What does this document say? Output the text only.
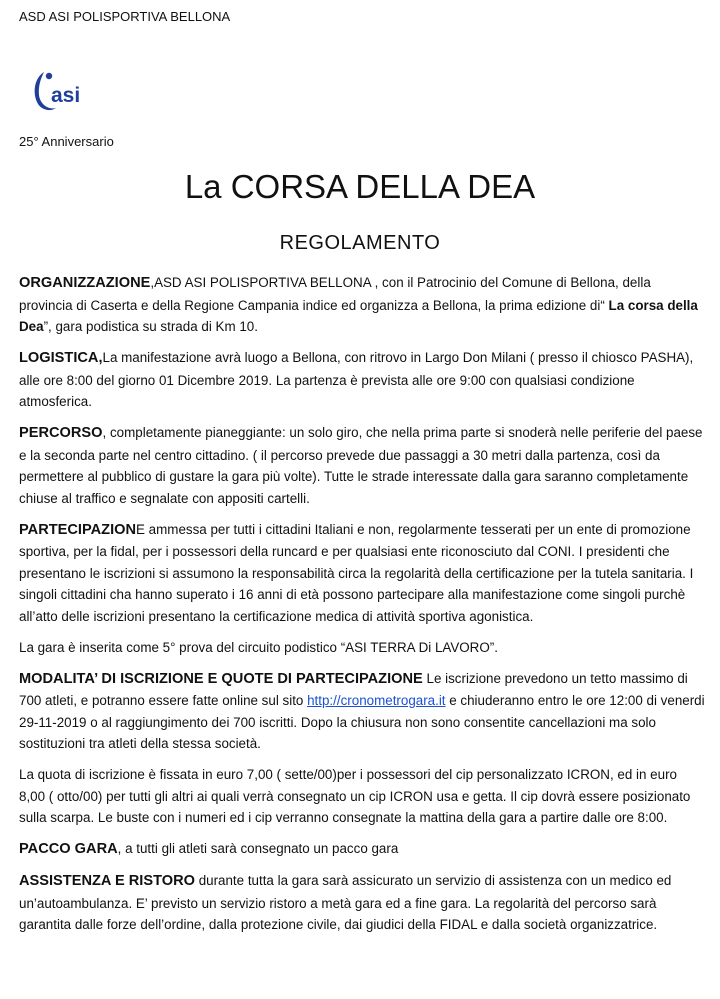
ASD ASI POLISPORTIVA BELLONA
asi
25° Anniversario
La CORSA DELLA DEA
REGOLAMENTO

ORGANIZZAZIONE,ASD ASI POLISPORTIVA BELLONA , con il Patrocinio del Comune di Bellona, della provincia di Caserta e della Regione Campania indice ed organizza a Bellona, la prima edizione di“ La corsa della Dea”, gara podistica su strada di Km 10.

LOGISTICA,La manifestazione avrà luogo a Bellona, con ritrovo in Largo Don Milani ( presso il chiosco PASHA), alle ore 8:00 del giorno 01 Dicembre 2019. La partenza è prevista alle ore 9:00 con qualsiasi condizione atmosferica.

PERCORSO, completamente pianeggiante: un solo giro, che nella prima parte si snoderà nelle periferie del paese e la seconda parte nel centro cittadino. ( il percorso prevede due passaggi a 30 metri dalla partenza, così da permettere al pubblico di gustare la gara più volte). Tutte le strade interessate dalla gara saranno completamente chiuse al traffico e segnalate con appositi cartelli.

PARTECIPAZIONE ammessa per tutti i cittadini Italiani e non, regolarmente tesserati per un ente di promozione sportiva, per la fidal, per i possessori della runcard e per qualsiasi ente riconosciuto dal CONI. I presidenti che presentano le iscrizioni si assumono la responsabilità circa la regolarità della certificazione per la tutela sanitaria. I singoli cittadini cha hanno superato i 16 anni di età possono partecipare alla manifestazione come singoli purchè all’atto delle iscrizioni presentano la certificazione medica di attività sportiva agonistica.

La gara è inserita come 5° prova del circuito podistico “ASI TERRA Di LAVORO”.

MODALITA’ DI ISCRIZIONE E QUOTE DI PARTECIPAZIONE Le iscrizione prevedono un tetto massimo di 700 atleti, e potranno essere fatte online sul sito http://cronometrogara.it e chiuderanno entro le ore 12:00 di venerdi 29-11-2019 o al raggiungimento dei 700 iscritti. Dopo la chiusura non sono consentite cancellazioni ma solo sostituzioni tra atleti della stessa società.

La quota di iscrizione è fissata in euro 7,00 ( sette/00)per i possessori del cip personalizzato ICRON, ed in euro 8,00 ( otto/00) per tutti gli altri ai quali verrà consegnato un cip ICRON usa e getta. Il cip dovrà essere posizionato sulla scarpa. Le buste con i numeri ed i cip verranno consegnate la mattina della gara a partire dalle ore 8:00.

PACCO GARA, a tutti gli atleti sarà consegnato un pacco gara

ASSISTENZA E RISTORO durante tutta la gara sarà assicurato un servizio di assistenza con un medico ed un’autoambulanza. E’ previsto un servizio ristoro a metà gara ed a fine gara. La regolarità del percorso sarà garantita dalle forze dell’ordine, dalla protezione civile, dai giudici della FIDAL e dalla società organizzatrice.
